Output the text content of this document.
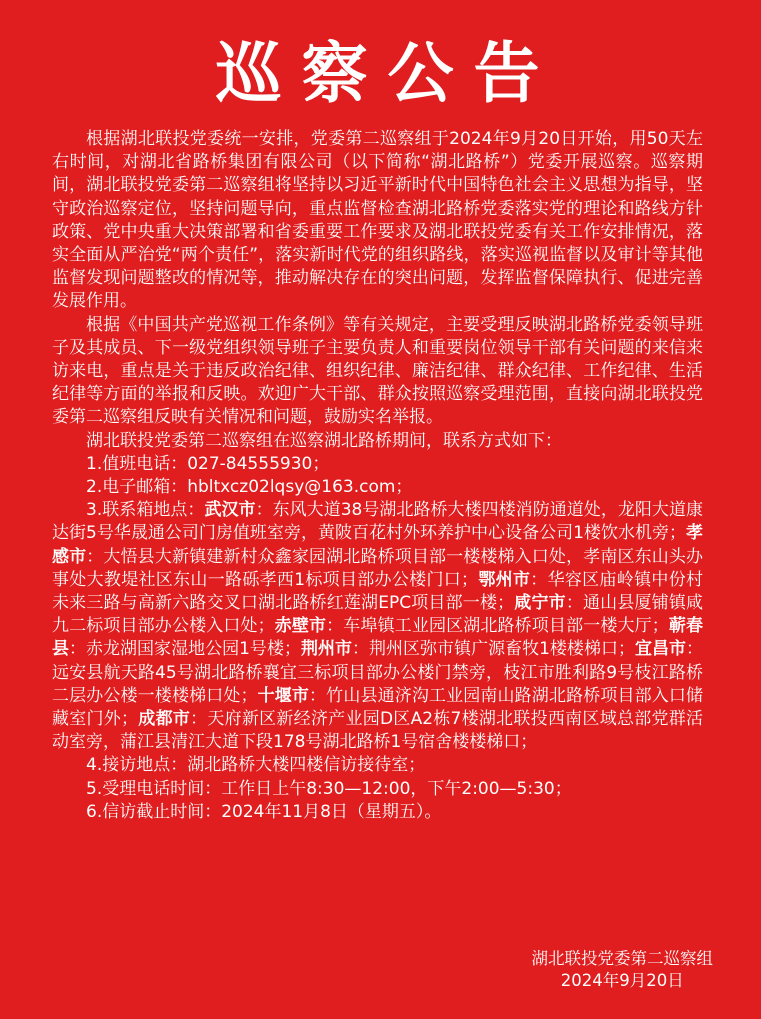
巡察公告

根据湖北联投党委统一安排，党委第二巡察组于2024年9月20日开始，用50天左右时间，对湖北省路桥集团有限公司（以下简称“湖北路桥”）党委开展巡察。巡察期间，湖北联投党委第二巡察组将坚持以习近平新时代中国特色社会主义思想为指导，坚守政治巡察定位，坚持问题导向，重点监督检查湖北路桥党委落实党的理论和路线方针政策、党中央重大决策部署和省委重要工作要求及湖北联投党委有关工作安排情况，落实全面从严治党“两个责任”，落实新时代党的组织路线，落实巡视监督以及审计等其他监督发现问题整改的情况等，推动解决存在的突出问题，发挥监督保障执行、促进完善发展作用。

根据《中国共产党巡视工作条例》等有关规定，主要受理反映湖北路桥党委领导班子及其成员、下一级党组织领导班子主要负责人和重要岗位领导干部有关问题的来信来访来电，重点是关于违反政治纪律、组织纪律、廉洁纪律、群众纪律、工作纪律、生活纪律等方面的举报和反映。欢迎广大干部、群众按照巡察受理范围，直接向湖北联投党委第二巡察组反映有关情况和问题，鼓励实名举报。

湖北联投党委第二巡察组在巡察湖北路桥期间，联系方式如下：

1.值班电话：027-84555930；

2.电子邮箱：hbltxcz02lqsy@163.com；

3.联系箱地点：武汉市：东风大道38号湖北路桥大楼四楼消防通道处，龙阳大道康达街5号华晟通公司门房值班室旁，黄陂百花村外环养护中心设备公司1楼饮水机旁；孝感市：大悟县大新镇建新村众鑫家园湖北路桥项目部一楼楼梯入口处，孝南区东山头办事处大教堤社区东山一路砾孝西1标项目部办公楼门口；鄂州市：华容区庙岭镇中份村未来三路与高新六路交叉口湖北路桥红莲湖EPC项目部一楼；咸宁市：通山县厦铺镇咸九二标项目部办公楼入口处；赤壁市：车埠镇工业园区湖北路桥项目部一楼大厅；蕲春县：赤龙湖国家湿地公园1号楼；荆州市：荆州区弥市镇广源畜牧1楼楼梯口；宜昌市：远安县航天路45号湖北路桥襄宜三标项目部办公楼门禁旁，枝江市胜利路9号枝江路桥二层办公楼一楼楼梯口处；十堰市：竹山县通济沟工业园南山路湖北路桥项目部入口储藏室门外；成都市：天府新区新经济产业园D区A2栋7楼湖北联投西南区域总部党群活动室旁，蒲江县清江大道下段178号湖北路桥1号宿舍楼楼梯口；

4.接访地点：湖北路桥大楼四楼信访接待室；

5.受理电话时间：工作日上午8:30—12:00，下午2:00—5:30；

6.信访截止时间：2024年11月8日（星期五）。

湖北联投党委第二巡察组
2024年9月20日
